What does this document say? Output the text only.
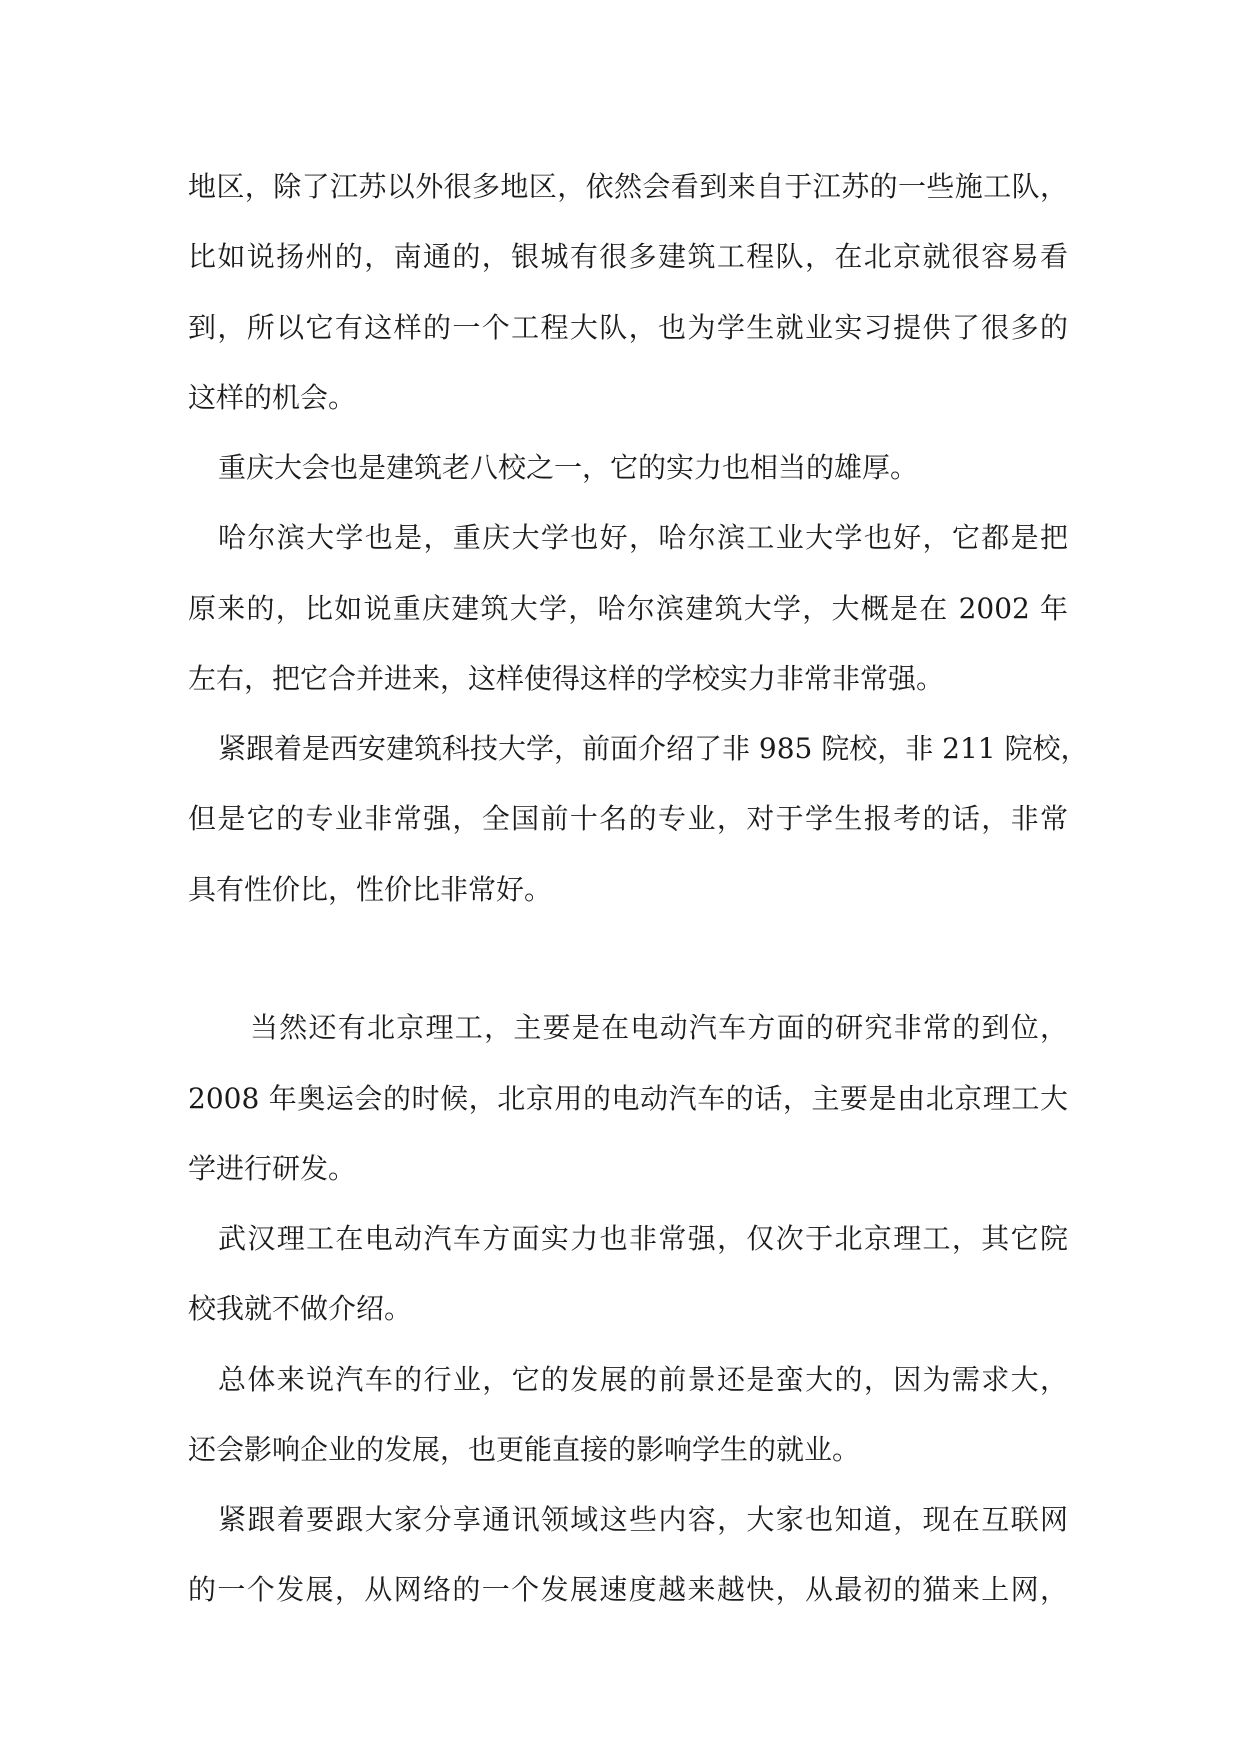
地区，除了江苏以外很多地区，依然会看到来自于江苏的一些施工队，
比如说扬州的，南通的，银城有很多建筑工程队，在北京就很容易看
到，所以它有这样的一个工程大队，也为学生就业实习提供了很多的
这样的机会。
重庆大会也是建筑老八校之一，它的实力也相当的雄厚。
哈尔滨大学也是，重庆大学也好，哈尔滨工业大学也好，它都是把
原来的，比如说重庆建筑大学，哈尔滨建筑大学，大概是在 2002 年
左右，把它合并进来，这样使得这样的学校实力非常非常强。
紧跟着是西安建筑科技大学，前面介绍了非 985 院校，非 211 院校，
但是它的专业非常强，全国前十名的专业，对于学生报考的话，非常
具有性价比，性价比非常好。
当然还有北京理工，主要是在电动汽车方面的研究非常的到位，
2008 年奥运会的时候，北京用的电动汽车的话，主要是由北京理工大
学进行研发。
武汉理工在电动汽车方面实力也非常强，仅次于北京理工，其它院
校我就不做介绍。
总体来说汽车的行业，它的发展的前景还是蛮大的，因为需求大，
还会影响企业的发展，也更能直接的影响学生的就业。
紧跟着要跟大家分享通讯领域这些内容，大家也知道，现在互联网
的一个发展，从网络的一个发展速度越来越快，从最初的猫来上网，
